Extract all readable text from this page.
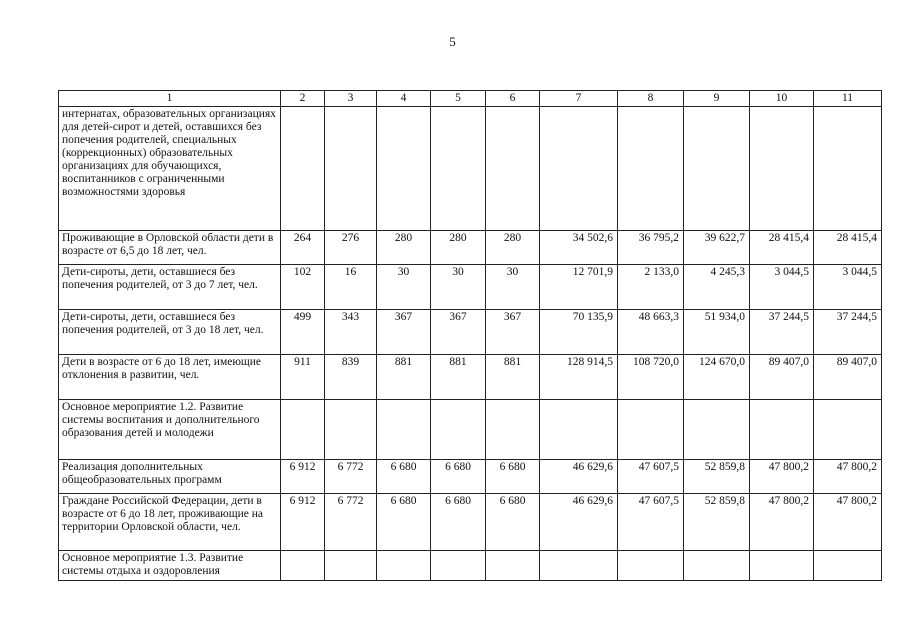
5
1	2	3	4	5	6	7	8	9	10	11
интернатах, образовательных организациях для детей-сирот и детей, оставшихся без попечения родителей, специальных (коррекционных) образовательных организациях для обучающихся, воспитанников с ограниченными возможностями здоровья										
Проживающие в Орловской области дети в возрасте от 6,5 до 18 лет, чел.	264	276	280	280	280	34 502,6	36 795,2	39 622,7	28 415,4	28 415,4
Дети-сироты, дети, оставшиеся без попечения родителей, от 3 до 7 лет, чел.	102	16	30	30	30	12 701,9	2 133,0	4 245,3	3 044,5	3 044,5
Дети-сироты, дети, оставшиеся без попечения родителей, от 3 до 18 лет, чел.	499	343	367	367	367	70 135,9	48 663,3	51 934,0	37 244,5	37 244,5
Дети в возрасте от 6 до 18 лет, имеющие отклонения в развитии, чел.	911	839	881	881	881	128 914,5	108 720,0	124 670,0	89 407,0	89 407,0
Основное мероприятие 1.2. Развитие системы воспитания и дополнительного образования детей и молодежи										
Реализация дополнительных общеобразовательных программ	6 912	6 772	6 680	6 680	6 680	46 629,6	47 607,5	52 859,8	47 800,2	47 800,2
Граждане Российской Федерации, дети в возрасте от 6 до 18 лет, проживающие на территории Орловской области, чел.	6 912	6 772	6 680	6 680	6 680	46 629,6	47 607,5	52 859,8	47 800,2	47 800,2
Основное мероприятие 1.3. Развитие системы отдыха и оздоровления										
